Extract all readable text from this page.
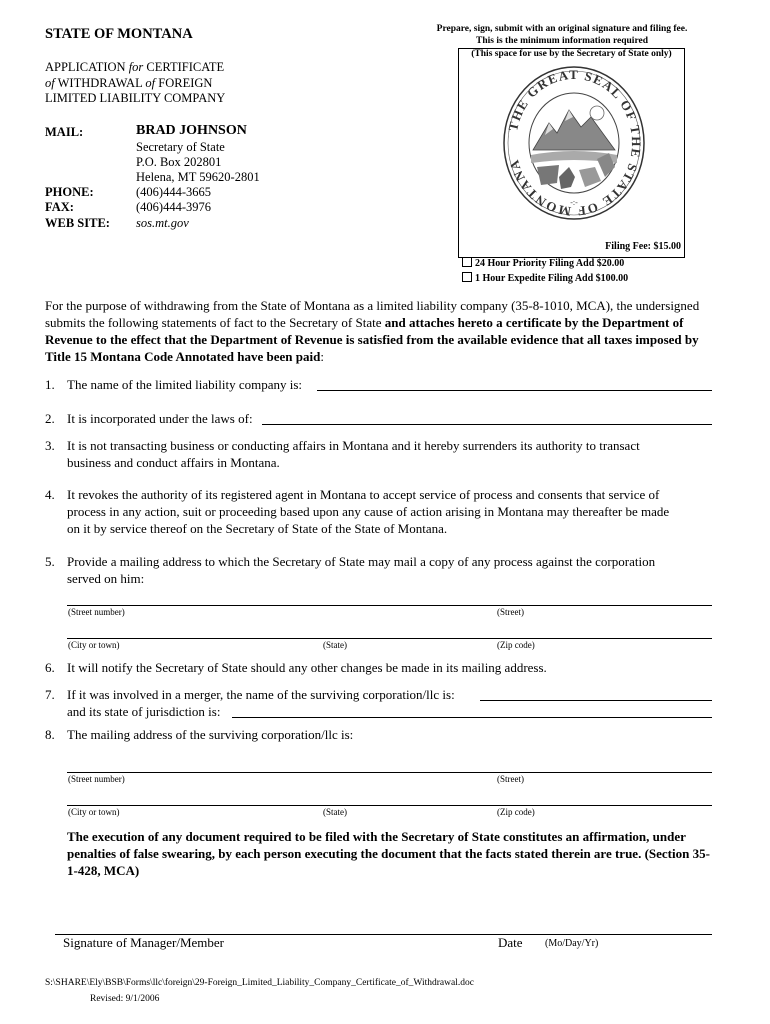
STATE OF MONTANA	Prepare, sign, submit with an original signature and filing fee.
This is the minimum information required
APPLICATION for CERTIFICATE
of WITHDRAWAL of FOREIGN
LIMITED LIABILITY COMPANY
MAIL:	BRAD JOHNSON
Secretary of State
P.O. Box 202801
Helena, MT 59620-2801
PHONE:	(406)444-3665
FAX:	(406)444-3976
WEB SITE: sos.mt.gov
(This space for use by the Secretary of State only)
THE GREAT SEAL OF THE STATE OF MONTANA
-:-
Filing Fee: $15.00
24 Hour Priority Filing Add $20.00
1 Hour Expedite Filing Add $100.00
For the purpose of withdrawing from the State of Montana as a limited liability company (35-8-1010, MCA), the undersigned submits the following statements of fact to the Secretary of State and attaches hereto a certificate by the Department of Revenue to the effect that the Department of Revenue is satisfied from the available evidence that all taxes imposed by Title 15 Montana Code Annotated have been paid:
1. The name of the limited liability company is:
2. It is incorporated under the laws of:
3. It is not transacting business or conducting affairs in Montana and it hereby surrenders its authority to transact
business and conduct affairs in Montana.
4. It revokes the authority of its registered agent in Montana to accept service of process and consents that service of
process in any action, suit or proceeding based upon any cause of action arising in Montana may thereafter be made
on it by service thereof on the Secretary of State of the State of Montana.
5. Provide a mailing address to which the Secretary of State may mail a copy of any process against the corporation
served on him:
(Street number)	(Street)
(City or town)	(State)	(Zip code)
6. It will notify the Secretary of State should any other changes be made in its mailing address.
7. If it was involved in a merger, the name of the surviving corporation/llc is:
and its state of jurisdiction is:
8. The mailing address of the surviving corporation/llc is:
(Street number)	(Street)
(City or town)	(State)	(Zip code)
The execution of any document required to be filed with the Secretary of State constitutes an affirmation, under penalties of false swearing, by each person executing the document that the facts stated therein are true. (Section 35-1-428, MCA)
Signature of Manager/Member	Date (Mo/Day/Yr)
S:\SHARE\Ely\BSB\Forms\llc\foreign\29-Foreign_Limited_Liability_Company_Certificate_of_Withdrawal.doc
Revised: 9/1/2006
